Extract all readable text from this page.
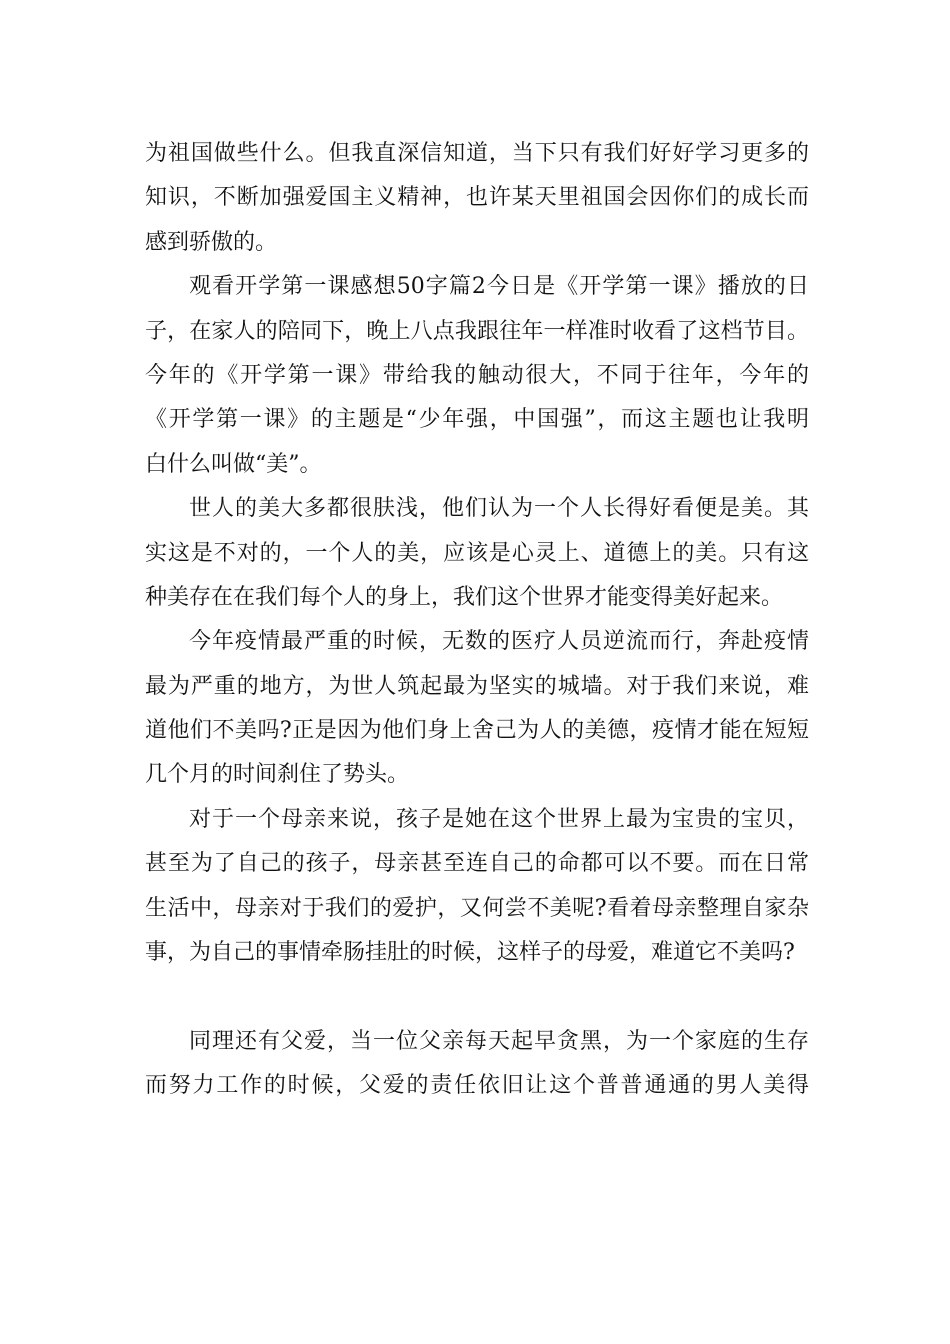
为祖国做些什么。但我直深信知道，当下只有我们好好学习更多的
知识，不断加强爱国主义精神，也许某天里祖国会因你们的成长而
感到骄傲的。
观看开学第一课感想50字篇2今日是《开学第一课》播放的日
子，在家人的陪同下，晚上八点我跟往年一样准时收看了这档节目。
今年的《开学第一课》带给我的触动很大，不同于往年，今年的
《开学第一课》的主题是“少年强，中国强”，而这主题也让我明
白什么叫做“美”。
世人的美大多都很肤浅，他们认为一个人长得好看便是美。其
实这是不对的，一个人的美，应该是心灵上、道德上的美。只有这
种美存在在我们每个人的身上，我们这个世界才能变得美好起来。
今年疫情最严重的时候，无数的医疗人员逆流而行，奔赴疫情
最为严重的地方，为世人筑起最为坚实的城墙。对于我们来说，难
道他们不美吗?正是因为他们身上舍己为人的美德，疫情才能在短短
几个月的时间刹住了势头。
对于一个母亲来说，孩子是她在这个世界上最为宝贵的宝贝，
甚至为了自己的孩子，母亲甚至连自己的命都可以不要。而在日常
生活中，母亲对于我们的爱护，又何尝不美呢?看着母亲整理自家杂
事，为自己的事情牵肠挂肚的时候，这样子的母爱，难道它不美吗?
同理还有父爱，当一位父亲每天起早贪黑，为一个家庭的生存
而努力工作的时候，父爱的责任依旧让这个普普通通的男人美得
